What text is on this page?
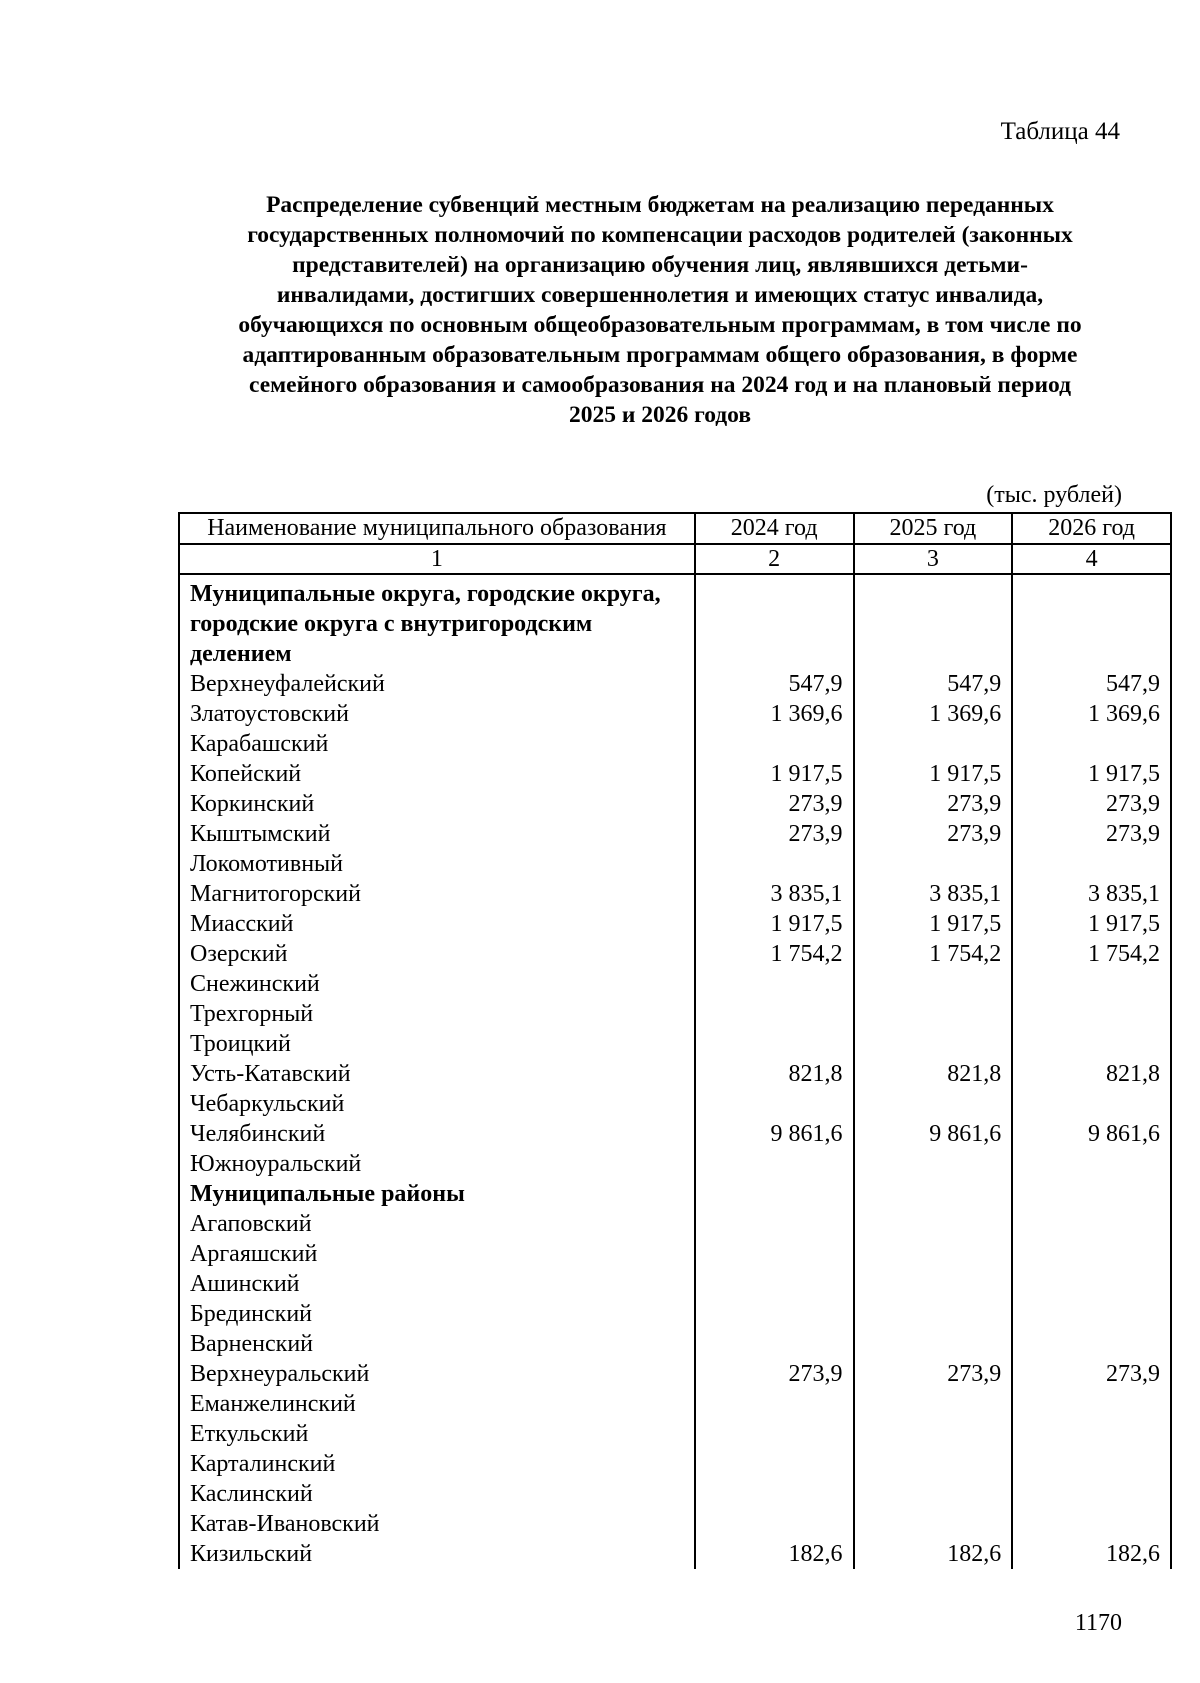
Таблица 44
Распределение субвенций местным бюджетам на реализацию переданных
государственных полномочий по компенсации расходов родителей (законных
представителей) на организацию обучения лиц, являвшихся детьми-
инвалидами, достигших совершеннолетия и имеющих статус инвалида,
обучающихся по основным общеобразовательным программам, в том числе по
адаптированным образовательным программам общего образования, в форме
семейного образования и самообразования на 2024 год и на плановый период
2025 и 2026 годов
(тыс. рублей)
Наименование муниципального образования	2024 год	2025 год	2026 год
1	2	3	4
Муниципальные округа, городские округа, городские округа с внутригородским делением			
Верхнеуфалейский	547,9	547,9	547,9
Златоустовский	1 369,6	1 369,6	1 369,6
Карабашский			
Копейский	1 917,5	1 917,5	1 917,5
Коркинский	273,9	273,9	273,9
Кыштымский	273,9	273,9	273,9
Локомотивный			
Магнитогорский	3 835,1	3 835,1	3 835,1
Миасский	1 917,5	1 917,5	1 917,5
Озерский	1 754,2	1 754,2	1 754,2
Снежинский			
Трехгорный			
Троицкий			
Усть-Катавский	821,8	821,8	821,8
Чебаркульский			
Челябинский	9 861,6	9 861,6	9 861,6
Южноуральский			
Муниципальные районы			
Агаповский			
Аргаяшский			
Ашинский			
Брединский			
Варненский			
Верхнеуральский	273,9	273,9	273,9
Еманжелинский			
Еткульский			
Карталинский			
Каслинский			
Катав-Ивановский			
Кизильский	182,6	182,6	182,6
1170
